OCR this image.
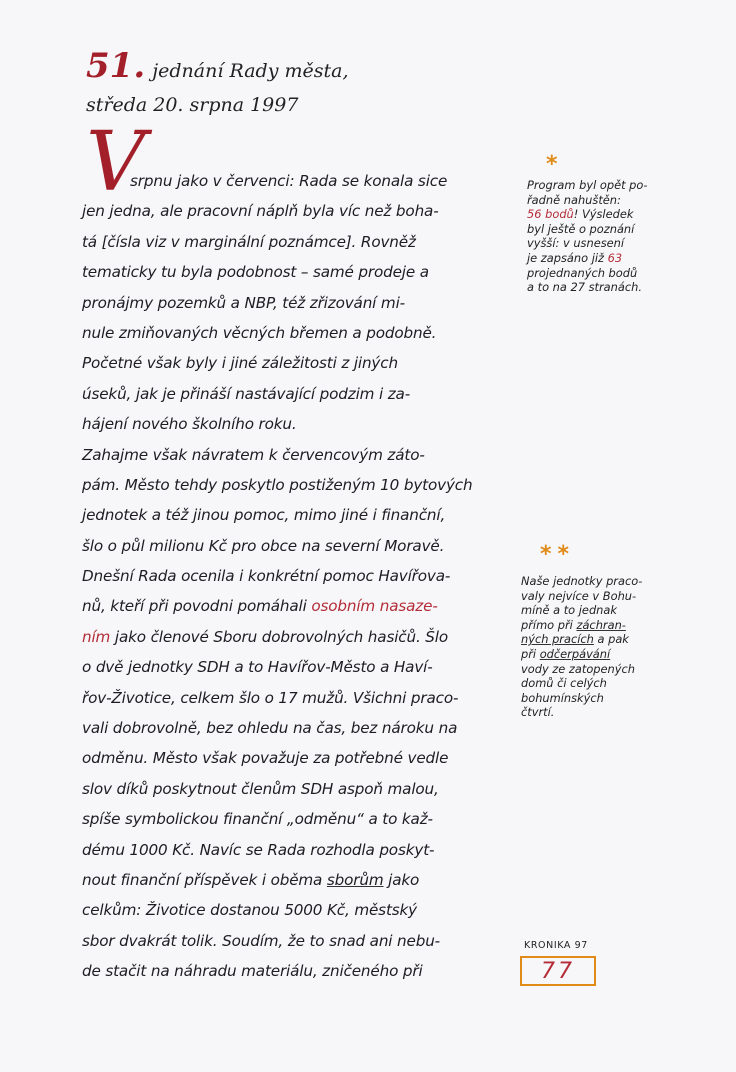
51. jednání Rady města,
středa 20. srpna 1997
V
srpnu jako v červenci: Rada se konala sice
jen jedna, ale pracovní náplň byla víc než boha-
tá [čísla viz v marginální poznámce]. Rovněž
tematicky tu byla podobnost – samé prodeje a
pronájmy pozemků a NBP, též zřizování mi-
nule zmiňovaných věcných břemen a podobně.
Početné však byly i jiné záležitosti z jiných
úseků, jak je přináší nastávající podzim i za-
hájení nového školního roku.
Zahajme však návratem k červencovým záto-
pám. Město tehdy poskytlo postiženým 10 bytových
jednotek a též jinou pomoc, mimo jiné i finanční,
šlo o půl milionu Kč pro obce na severní Moravě.
Dnešní Rada ocenila i konkrétní pomoc Havířova-
nů, kteří při povodni pomáhali osobním nasaze-
ním jako členové Sboru dobrovolných hasičů. Šlo
o dvě jednotky SDH a to Havířov-Město a Haví-
řov-Životice, celkem šlo o 17 mužů. Všichni praco-
vali dobrovolně, bez ohledu na čas, bez nároku na
odměnu. Město však považuje za potřebné vedle
slov díků poskytnout členům SDH aspoň malou,
spíše symbolickou finanční „odměnu“ a to kaž-
dému 1000 Kč. Navíc se Rada rozhodla poskyt-
nout finanční příspěvek i oběma sborům jako
celkům: Životice dostanou 5000 Kč, městský
sbor dvakrát tolik. Soudím, že to snad ani nebu-
de stačit na náhradu materiálu, zničeného při
*
Program byl opět po-
řadně nahuštěn:
56 bodů! Výsledek
byl ještě o poznání
vyšší: v usnesení
je zapsáno již 63
projednaných bodů
a to na 27 stranách.
**
Naše jednotky praco-
valy nejvíce v Bohu-
míně a to jednak
přímo při záchran-
ných pracích a pak
při odčerpávání
vody ze zatopených
domů či celých
bohumínských
čtvrtí.
KRONIKA 97
77
